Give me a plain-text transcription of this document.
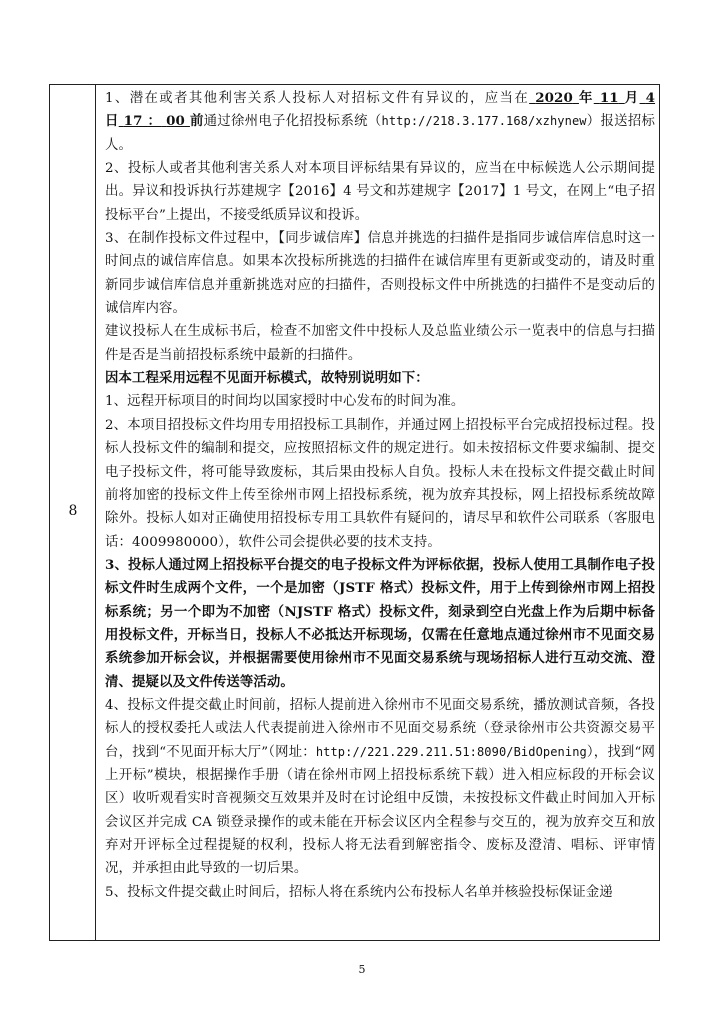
8

1、潜在或者其他利害关系人投标人对招标文件有异议的，应当在 2020 年 11 月 4日 17 ： 00 前通过徐州电子化招投标系统（http://218.3.177.168/xzhynew）报送招标人。

2、投标人或者其他利害关系人对本项目评标结果有异议的，应当在中标候选人公示期间提出。异议和投诉执行苏建规字【2016】4 号文和苏建规字【2017】1 号文，在网上“电子招投标平台”上提出，不接受纸质异议和投诉。

3、在制作投标文件过程中，【同步诚信库】信息并挑选的扫描件是指同步诚信库信息时这一时间点的诚信库信息。如果本次投标所挑选的扫描件在诚信库里有更新或变动的，请及时重新同步诚信库信息并重新挑选对应的扫描件，否则投标文件中所挑选的扫描件不是变动后的诚信库内容。

建议投标人在生成标书后，检查不加密文件中投标人及总监业绩公示一览表中的信息与扫描件是否是当前招投标系统中最新的扫描件。

因本工程采用远程不见面开标模式，故特别说明如下：

1、远程开标项目的时间均以国家授时中心发布的时间为准。

2、本项目招投标文件均用专用招投标工具制作，并通过网上招投标平台完成招投标过程。投标人投标文件的编制和提交，应按照招标文件的规定进行。如未按招标文件要求编制、提交电子投标文件，将可能导致废标，其后果由投标人自负。投标人未在投标文件提交截止时间前将加密的投标文件上传至徐州市网上招投标系统，视为放弃其投标，网上招投标系统故障除外。投标人如对正确使用招投标专用工具软件有疑问的，请尽早和软件公司联系（客服电话：4009980000），软件公司会提供必要的技术支持。

3、投标人通过网上招投标平台提交的电子投标文件为评标依据，投标人使用工具制作电子投标文件时生成两个文件，一个是加密（JSTF 格式）投标文件，用于上传到徐州市网上招投标系统；另一个即为不加密（NJSTF 格式）投标文件，刻录到空白光盘上作为后期中标备用投标文件，开标当日，投标人不必抵达开标现场，仅需在任意地点通过徐州市不见面交易系统参加开标会议，并根据需要使用徐州市不见面交易系统与现场招标人进行互动交流、澄清、提疑以及文件传送等活动。

4、投标文件提交截止时间前，招标人提前进入徐州市不见面交易系统，播放测试音频，各投标人的授权委托人或法人代表提前进入徐州市不见面交易系统（登录徐州市公共资源交易平台，找到“不见面开标大厅”（网址：http://221.229.211.51:8090/BidOpening），找到“网上开标”模块，根据操作手册（请在徐州市网上招投标系统下载）进入相应标段的开标会议区）收听观看实时音视频交互效果并及时在讨论组中反馈，未按投标文件截止时间加入开标会议区并完成 CA 锁登录操作的或未能在开标会议区内全程参与交互的，视为放弃交互和放弃对开评标全过程提疑的权利，投标人将无法看到解密指令、废标及澄清、唱标、评审情况，并承担由此导致的一切后果。

5、投标文件提交截止时间后，招标人将在系统内公布投标人名单并核验投标保证金递

5
